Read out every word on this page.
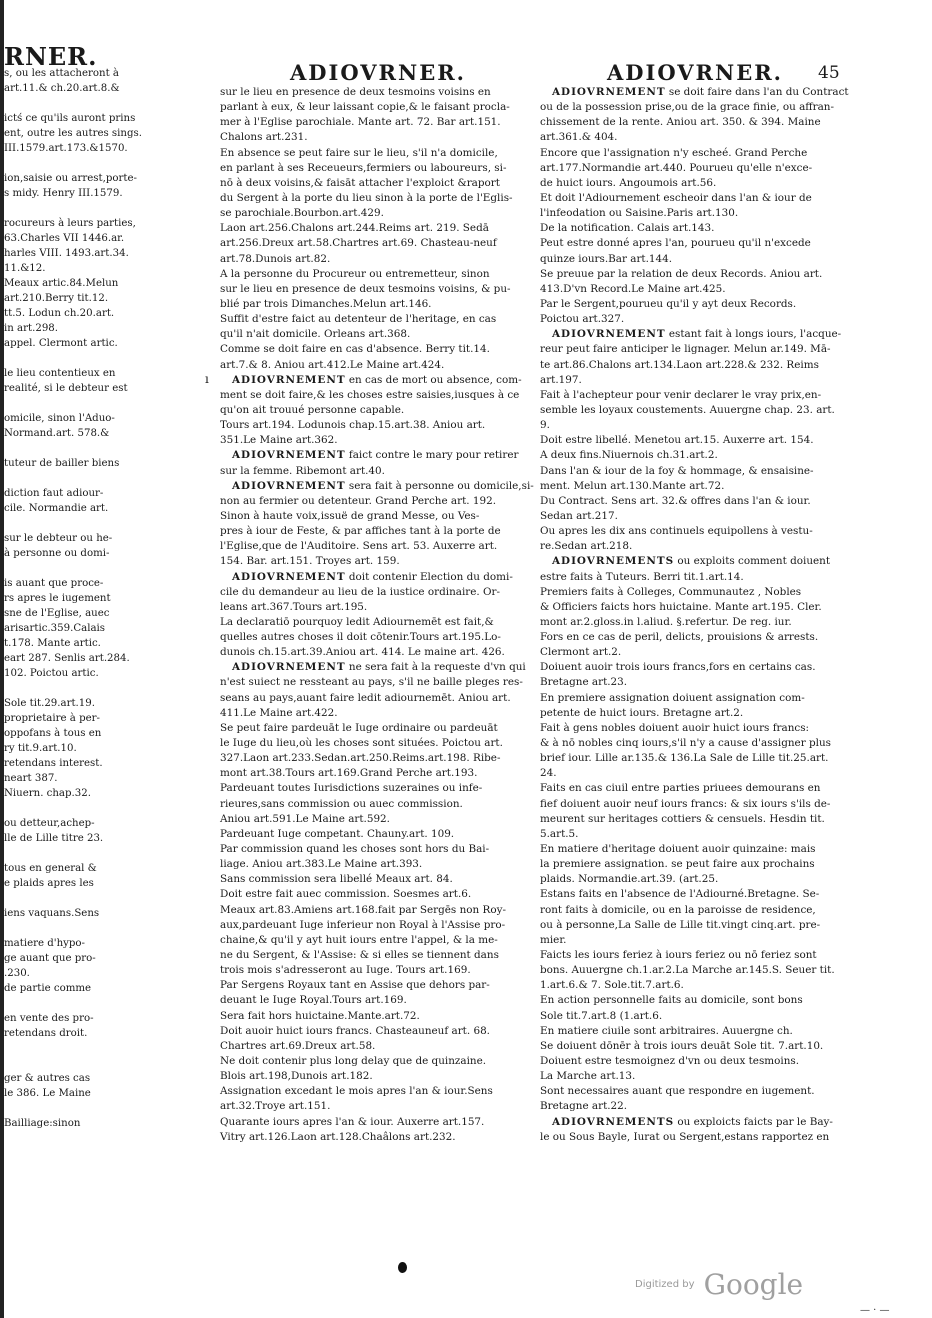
RNER.
s, ou les attacheront à
art.11.& ch.20.art.8.&
ictś ce qu'ils auront prins
ent, outre les autres sings.
III.1579.art.173.&1570.
ion,saisie ou arrest,porte-
s midy. Henry III.1579.
rocureurs à leurs parties,
63.Charles VII 1446.ar.
harles VIII. 1493.art.34.
11.&12.
Meaux artic.84.Melun
art.210.Berry tit.12.
tt.5. Lodun ch.20.art.
in art.298.
appel. Clermont artic.
le lieu contentieux en
realité, si le debteur est
omicile, sinon l'Aduo-
Normand.art. 578.&
tuteur de bailler biens
diction faut adiour-
cile. Normandie art.
sur le debteur ou he-
à personne ou domi-
is auant que proce-
rs apres le iugement
sne de l'Eglise, auec
arisartic.359.Calais
t.178. Mante artic.
eart 287. Senlis art.284.
102. Poictou artic.
Sole tit.29.art.19.
proprietaire à per-
oppofans à tous en
ry tit.9.art.10.
retendans interest.
neart 387.
Niuern. chap.32.
ou detteur,achep-
lle de Lille titre 23.
tous en general &
e plaids apres les
iens vaquans.Sens
matiere d'hypo-
ge auant que pro-
.230.
de partie comme
en vente des pro-
retendans droit.
ger & autres cas
le 386. Le Maine
Bailliage:sinon
ADIOVRNER.	ADIOVRNER.	45
ı
sur le lieu en presence de deux tesmoins voisins en
parlant à eux, & leur laissant copie,& le faisant procla-
mer à l'Eglise parochiale. Mante art. 72. Bar art.151.
Chalons art.231.
En absence se peut faire sur le lieu, s'il n'a domicile,
en parlant à ses Receueurs,fermiers ou laboureurs, si-
nō à deux voisins,& faisāt attacher l'exploict &raport
du Sergent à la porte du lieu sinon à la porte de l'Eglis-
se parochiale.Bourbon.art.429.
Laon art.256.Chalons art.244.Reims art. 219. Sedā
art.256.Dreux art.58.Chartres art.69. Chasteau-neuf
art.78.Dunois art.82.
A la personne du Procureur ou entremetteur, sinon
sur le lieu en presence de deux tesmoins voisins, & pu-
blié par trois Dimanches.Melun art.146.
Suffit d'estre faict au detenteur de l'heritage, en cas
qu'il n'ait domicile. Orleans art.368.
Comme se doit faire en cas d'absence. Berry tit.14.
art.7.& 8. Aniou art.412.Le Maine art.424.
ADIOVRNEMENT en cas de mort ou absence, com-
ment se doit faire,& les choses estre saisies,iusques à ce
qu'on ait trouué personne capable.
Tours art.194. Lodunois chap.15.art.38. Aniou art.
351.Le Maine art.362.
ADIOVRNEMENT faict contre le mary pour retirer
sur la femme. Ribemont art.40.
ADIOVRNEMENT sera fait à personne ou domicile,si-
non au fermier ou detenteur. Grand Perche art. 192.
Sinon à haute voix,issuë de grand Messe, ou Ves-
pres à iour de Feste, & par affiches tant à la porte de
l'Eglise,que de l'Auditoire. Sens art. 53. Auxerre art.
154. Bar. art.151. Troyes art. 159.
ADIOVRNEMENT doit contenir Election du domi-
cile du demandeur au lieu de la iustice ordinaire. Or-
leans art.367.Tours art.195.
La declaratiō pourquoy ledit Adiournemēt est fait,&
quelles autres choses il doit cōtenir.Tours art.195.Lo-
dunois ch.15.art.39.Aniou art. 414. Le maine art. 426.
ADIOVRNEMENT ne sera fait à la requeste d'vn qui
n'est suiect ne ressteant au pays, s'il ne baille pleges res-
seans au pays,auant faire ledit adiournemēt. Aniou art.
411.Le Maine art.422.
Se peut faire pardeuāt le Iuge ordinaire ou pardeuāt
le Iuge du lieu,où les choses sont situées. Poictou art.
327.Laon art.233.Sedan.art.250.Reims.art.198. Ribe-
mont art.38.Tours art.169.Grand Perche art.193.
Pardeuant toutes Iurisdictions suzeraines ou infe-
rieures,sans commission ou auec commission.
Aniou art.591.Le Maine art.592.
Pardeuant Iuge competant. Chauny.art. 109.
Par commission quand les choses sont hors du Bai-
liage. Aniou art.383.Le Maine art.393.
Sans commission sera libellé Meaux art. 84.
Doit estre fait auec commission. Soesmes art.6.
Meaux art.83.Amiens art.168.fait par Sergēs non Roy-
aux,pardeuant Iuge inferieur non Royal à l'Assise pro-
chaine,& qu'il y ayt huit iours entre l'appel, & la me-
ne du Sergent, & l'Assise: & si elles se tiennent dans
trois mois s'adresseront au Iuge. Tours art.169.
Par Sergens Royaux tant en Assise que dehors par-
deuant le Iuge Royal.Tours art.169.
Sera fait hors huictaine.Mante.art.72.
Doit auoir huict iours francs. Chasteauneuf art. 68.
Chartres art.69.Dreux art.58.
Ne doit contenir plus long delay que de quinzaine.
Blois art.198,Dunois art.182.
Assignation excedant le mois apres l'an & iour.Sens
art.32.Troye art.151.
Quarante iours apres l'an & iour. Auxerre art.157.
Vitry art.126.Laon art.128.Chaâlons art.232.
ADIOVRNEMENT se doit faire dans l'an du Contract
ou de la possession prise,ou de la grace finie, ou affran-
chissement de la rente. Aniou art. 350. & 394. Maine
art.361.& 404.
Encore que l'assignation n'y escheé. Grand Perche
art.177.Normandie art.440. Pourueu qu'elle n'exce-
de huict iours. Angoumois art.56.
Et doit l'Adiournement escheoir dans l'an & iour de
l'infeodation ou Saisine.Paris art.130.
De la notification. Calais art.143.
Peut estre donné apres l'an, pourueu qu'il n'excede
quinze iours.Bar art.144.
Se preuue par la relation de deux Records. Aniou art.
413.D'vn Record.Le Maine art.425.
Par le Sergent,pourueu qu'il y ayt deux Records.
Poictou art.327.
ADIOVRNEMENT estant fait à longs iours, l'acque-
reur peut faire anticiper le lignager. Melun ar.149. Mā-
te art.86.Chalons art.134.Laon art.228.& 232. Reims
art.197.
Fait à l'achepteur pour venir declarer le vray prix,en-
semble les loyaux coustements. Auuergne chap. 23. art.
9.
Doit estre libellé. Menetou art.15. Auxerre art. 154.
A deux fins.Niuernois ch.31.art.2.
Dans l'an & iour de la foy & hommage, & ensaisine-
ment. Melun art.130.Mante art.72.
Du Contract. Sens art. 32.& offres dans l'an & iour.
Sedan art.217.
Ou apres les dix ans continuels equipollens à vestu-
re.Sedan art.218.
ADIOVRNEMENTS ou exploits comment doiuent
estre faits à Tuteurs. Berri tit.1.art.14.
Premiers faits à Colleges, Communautez , Nobles
& Officiers faicts hors huictaine. Mante art.195. Cler.
mont ar.2.gloss.in l.aliud. §.refertur. De reg. iur.
Fors en ce cas de peril, delicts, prouisions & arrests.
Clermont art.2.
Doiuent auoir trois iours francs,fors en certains cas.
Bretagne art.23.
En premiere assignation doiuent assignation com-
petente de huict iours. Bretagne art.2.
Fait à gens nobles doiuent auoir huict iours francs:
& à nō nobles cinq iours,s'il n'y a cause d'assigner plus
brief iour. Lille ar.135.& 136.La Sale de Lille tit.25.art.
24.
Faits en cas ciuil entre parties priuees demourans en
fief doiuent auoir neuf iours francs: & six iours s'ils de-
meurent sur heritages cottiers & censuels. Hesdin tit.
5.art.5.
En matiere d'heritage doiuent auoir quinzaine: mais
la premiere assignation. se peut faire aux prochains
plaids. Normandie.art.39. (art.25.
Estans faits en l'absence de l'Adiourné.Bretagne. Se-
ront faits à domicile, ou en la paroisse de residence,
ou à personne,La Salle de Lille tit.vingt cinq.art. pre-
mier.
Faicts les iours feriez à iours feriez ou nō feriez sont
bons. Auuergne ch.1.ar.2.La Marche ar.145.S. Seuer tit.
1.art.6.& 7. Sole.tit.7.art.6.
En action personnelle faits au domicile, sont bons
Sole tit.7.art.8 (1.art.6.
En matiere ciuile sont arbitraires. Auuergne ch.
Se doiuent dōnēr à trois iours deuāt Sole tit. 7.art.10.
Doiuent estre tesmoignez d'vn ou deux tesmoins.
La Marche art.13.
Sont necessaires auant que respondre en iugement.
Bretagne art.22.
ADIOVRNEMENTS ou exploicts faicts par le Bay-
le ou Sous Bayle, Iurat ou Sergent,estans rapportez en
Digitized by Google
— · —
